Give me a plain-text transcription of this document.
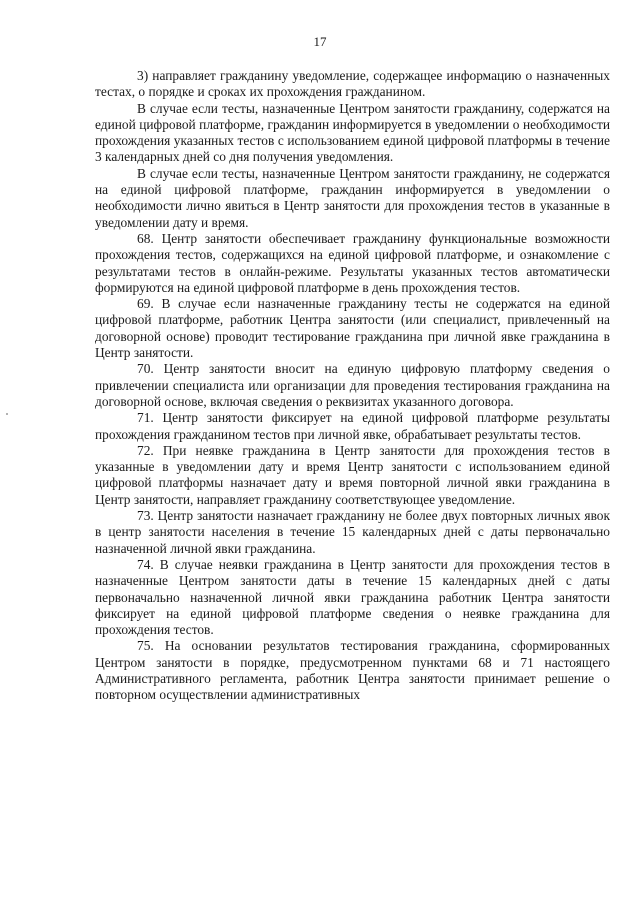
17

3) направляет гражданину уведомление, содержащее информацию о назначенных тестах, о порядке и сроках их прохождения гражданином.

В случае если тесты, назначенные Центром занятости гражданину, содержатся на единой цифровой платформе, гражданин информируется в уведомлении о необходимости прохождения указанных тестов с использованием единой цифровой платформы в течение 3 календарных дней со дня получения уведомления.

В случае если тесты, назначенные Центром занятости гражданину, не содержатся на единой цифровой платформе, гражданин информируется в уведомлении о необходимости лично явиться в Центр занятости для прохождения тестов в указанные в уведомлении дату и время.

68. Центр занятости обеспечивает гражданину функциональные возможности прохождения тестов, содержащихся на единой цифровой платформе, и ознакомление с результатами тестов в онлайн-режиме. Результаты указанных тестов автоматически формируются на единой цифровой платформе в день прохождения тестов.

69. В случае если назначенные гражданину тесты не содержатся на единой цифровой платформе, работник Центра занятости (или специалист, привлеченный на договорной основе) проводит тестирование гражданина при личной явке гражданина в Центр занятости.

70. Центр занятости вносит на единую цифровую платформу сведения о привлечении специалиста или организации для проведения тестирования гражданина на договорной основе, включая сведения о реквизитах указанного договора.

71. Центр занятости фиксирует на единой цифровой платформе результаты прохождения гражданином тестов при личной явке, обрабатывает результаты тестов.

72. При неявке гражданина в Центр занятости для прохождения тестов в указанные в уведомлении дату и время Центр занятости с использованием единой цифровой платформы назначает дату и время повторной личной явки гражданина в Центр занятости, направляет гражданину соответствующее уведомление.

73. Центр занятости назначает гражданину не более двух повторных личных явок в центр занятости населения в течение 15 календарных дней с даты первоначально назначенной личной явки гражданина.

74. В случае неявки гражданина в Центр занятости для прохождения тестов в назначенные Центром занятости даты в течение 15 календарных дней с даты первоначально назначенной личной явки гражданина работник Центра занятости фиксирует на единой цифровой платформе сведения о неявке гражданина для прохождения тестов.

75. На основании результатов тестирования гражданина, сформированных Центром занятости в порядке, предусмотренном пунктами 68 и 71 настоящего Административного регламента, работник Центра занятости принимает решение о повторном осуществлении административных
